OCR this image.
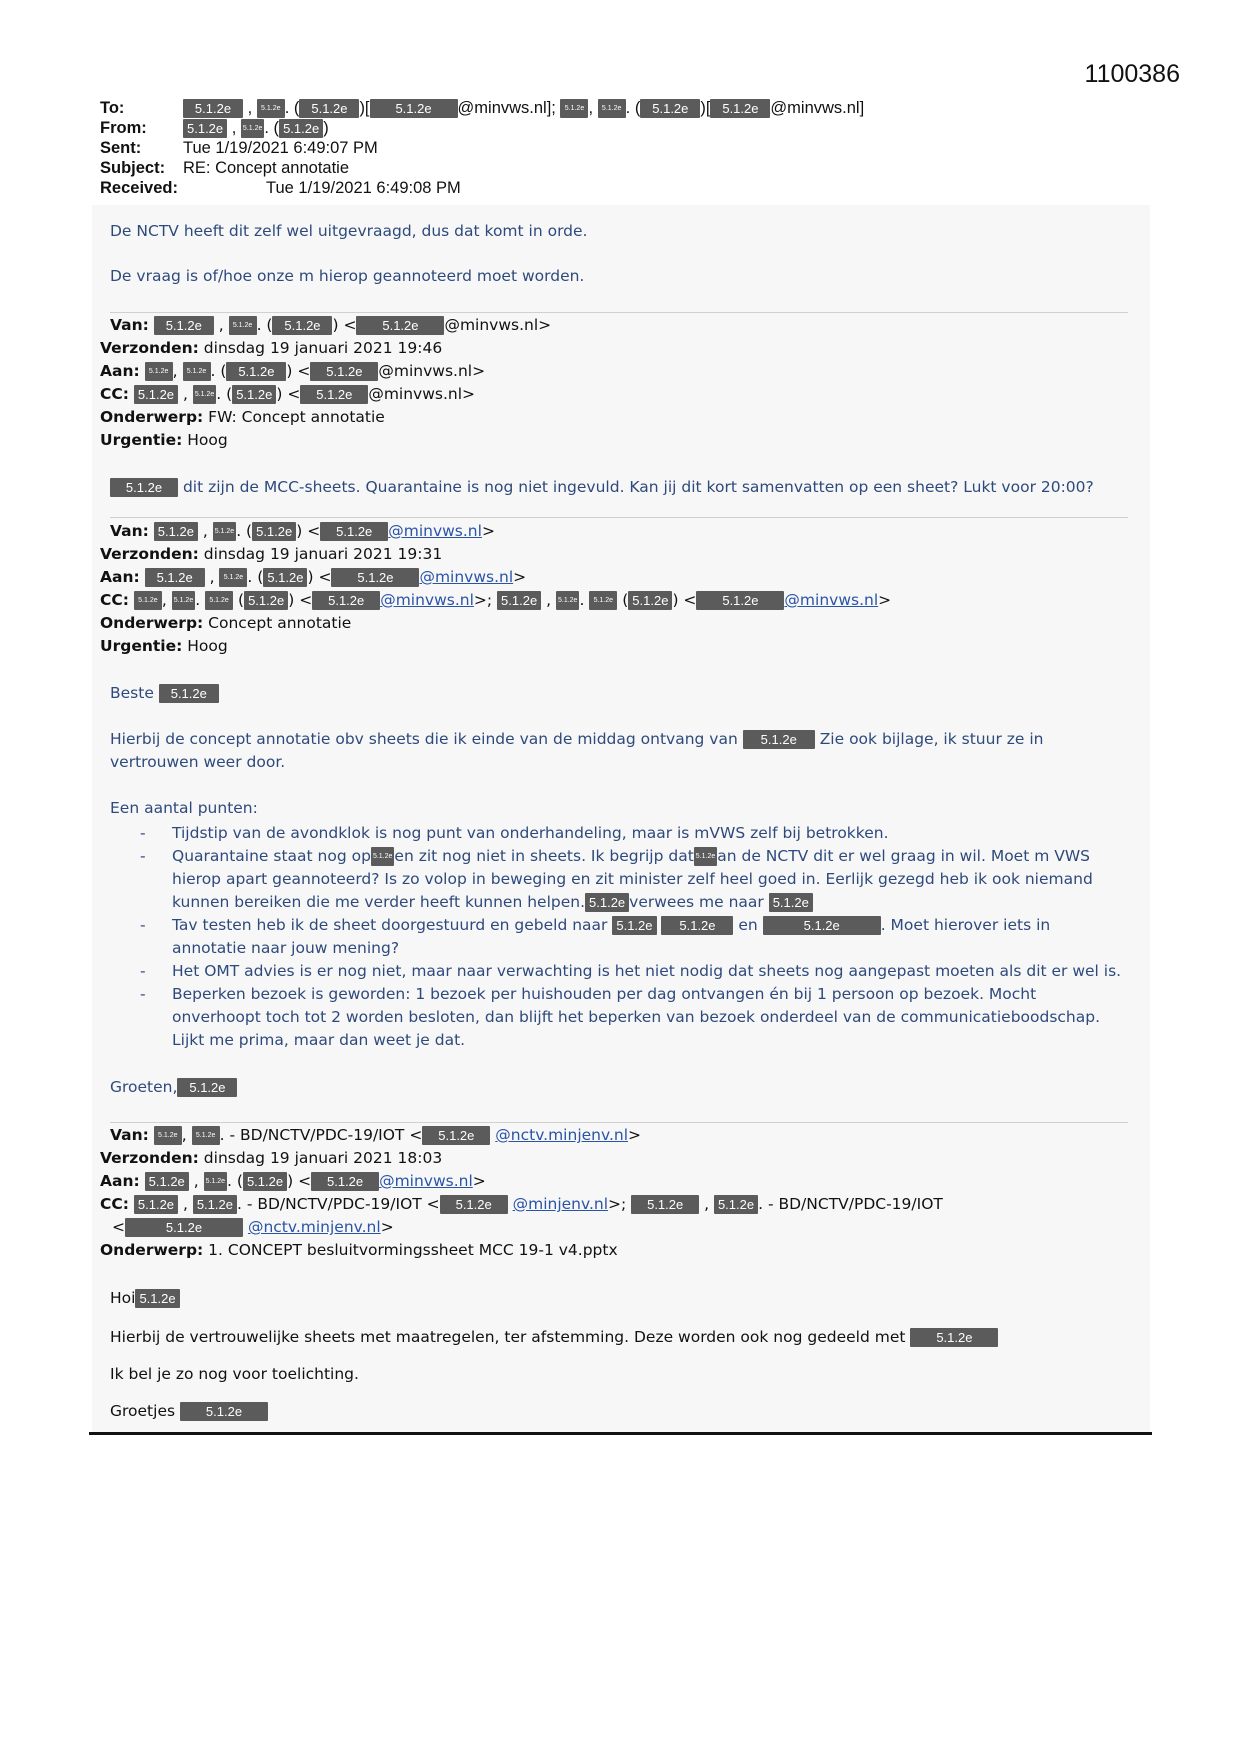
1100386
To:	5.1.2e , 5.1.2e . ( 5.1.2e )[ 5.1.2e @minvws.nl]; 5.1.2e , 5.1.2e . ( 5.1.2e )[ 5.1.2e @minvws.nl]
From:	5.1.2e , 5.1.2e . ( 5.1.2e )
Sent:	Tue 1/19/2021 6:49:07 PM
Subject: RE: Concept annotatie
Received:	Tue 1/19/2021 6:49:08 PM
De NCTV heeft dit zelf wel uitgevraagd, dus dat komt in orde.
De vraag is of/hoe onze m hierop geannoteerd moet worden.
Van: 5.1.2e , 5.1.2e . ( 5.1.2e ) < 5.1.2e @minvws.nl>
Verzonden: dinsdag 19 januari 2021 19:46
Aan: 5.1.2e , 5.1.2e . ( 5.1.2e ) < 5.1.2e @minvws.nl>
CC: 5.1.2e , 5.1.2e . ( 5.1.2e ) < 5.1.2e @minvws.nl>
Onderwerp: FW: Concept annotatie
Urgentie: Hoog
5.1.2e dit zijn de MCC-sheets. Quarantaine is nog niet ingevuld. Kan jij dit kort samenvatten op een sheet? Lukt voor 20:00?
Van: 5.1.2e , 5.1.2e . ( 5.1.2e ) < 5.1.2e @minvws.nl>
Verzonden: dinsdag 19 januari 2021 19:31
Aan: 5.1.2e , 5.1.2e . ( 5.1.2e ) < 5.1.2e @minvws.nl>
CC: 5.1.2e , 5.1.2e . 5.1.2e ( 5.1.2e ) < 5.1.2e @minvws.nl>; 5.1.2e , 5.1.2e . 5.1.2e ( 5.1.2e ) < 5.1.2e @minvws.nl>
Onderwerp: Concept annotatie
Urgentie: Hoog
Beste 5.1.2e
Hierbij de concept annotatie obv sheets die ik einde van de middag ontvang van 5.1.2e Zie ook bijlage, ik stuur ze in
vertrouwen weer door.
Een aantal punten:
- Tijdstip van de avondklok is nog punt van onderhandeling, maar is mVWS zelf bij betrokken.
- Quarantaine staat nog op 5.1.2e en zit nog niet in sheets. Ik begrijp dat 5.1.2e an de NCTV dit er wel graag in wil. Moet m VWS
hierop apart geannoteerd? Is zo volop in beweging en zit minister zelf heel goed in. Eerlijk gezegd heb ik ook niemand
kunnen bereiken die me verder heeft kunnen helpen. 5.1.2e verwees me naar 5.1.2e
- Tav testen heb ik de sheet doorgestuurd en gebeld naar 5.1.2e 5.1.2e en	5.1.2e	. Moet hierover iets in
annotatie naar jouw mening?
- Het OMT advies is er nog niet, maar naar verwachting is het niet nodig dat sheets nog aangepast moeten als dit er wel is.
- Beperken bezoek is geworden: 1 bezoek per huishouden per dag ontvangen én bij 1 persoon op bezoek. Mocht
onverhoopt toch tot 2 worden besloten, dan blijft het beperken van bezoek onderdeel van de communicatieboodschap.
Lijkt me prima, maar dan weet je dat.
Groeten, 5.1.2e
Van: 5.1.2e , 5.1.2e . - BD/NCTV/PDC-19/IOT < 5.1.2e @nctv.minjenv.nl>
Verzonden: dinsdag 19 januari 2021 18:03
Aan: 5.1.2e , 5.1.2e . ( 5.1.2e ) < 5.1.2e @minvws.nl>
CC: 5.1.2e , 5.1.2e . - BD/NCTV/PDC-19/IOT < 5.1.2e @minjenv.nl>; 5.1.2e , 5.1.2e . - BD/NCTV/PDC-19/IOT
<	5.1.2e	@nctv.minjenv.nl>
Onderwerp: 1. CONCEPT besluitvormingssheet MCC 19-1 v4.pptx
Hoi 5.1.2e
Hierbij de vertrouwelijke sheets met maatregelen, ter afstemming. Deze worden ook nog gedeeld met 5.1.2e
Ik bel je zo nog voor toelichting.
Groetjes 5.1.2e
